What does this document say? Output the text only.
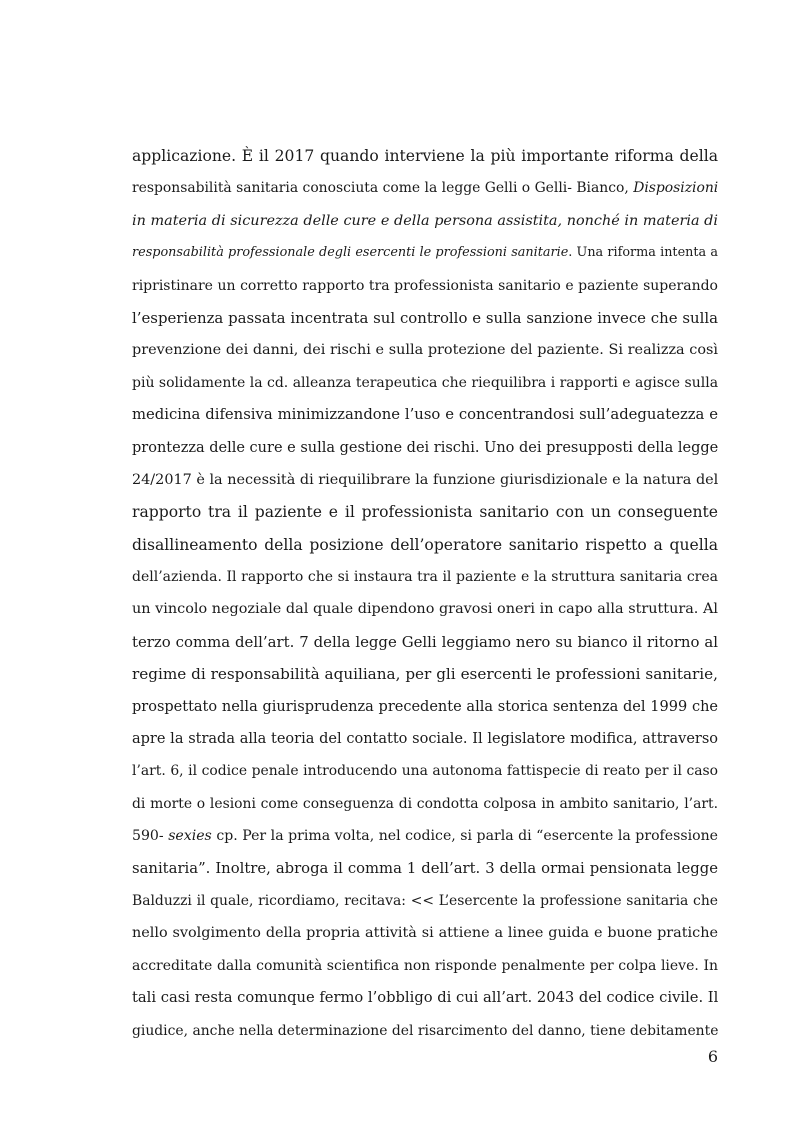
applicazione. È il 2017 quando interviene la più importante riforma della
responsabilità sanitaria conosciuta come la legge Gelli o Gelli- Bianco, Disposizioni
in materia di sicurezza delle cure e della persona assistita, nonché in materia di
responsabilità professionale degli esercenti le professioni sanitarie. Una riforma intenta a
ripristinare un corretto rapporto tra professionista sanitario e paziente superando
l’esperienza passata incentrata sul controllo e sulla sanzione invece che sulla
prevenzione dei danni, dei rischi e sulla protezione del paziente. Si realizza così
più solidamente la cd. alleanza terapeutica che riequilibra i rapporti e agisce sulla
medicina difensiva minimizzandone l’uso e concentrandosi sull’adeguatezza e
prontezza delle cure e sulla gestione dei rischi. Uno dei presupposti della legge
24/2017 è la necessità di riequilibrare la funzione giurisdizionale e la natura del
rapporto tra il paziente e il professionista sanitario con un conseguente
disallineamento della posizione dell’operatore sanitario rispetto a quella
dell’azienda. Il rapporto che si instaura tra il paziente e la struttura sanitaria crea
un vincolo negoziale dal quale dipendono gravosi oneri in capo alla struttura. Al
terzo comma dell’art. 7 della legge Gelli leggiamo nero su bianco il ritorno al
regime di responsabilità aquiliana, per gli esercenti le professioni sanitarie,
prospettato nella giurisprudenza precedente alla storica sentenza del 1999 che
apre la strada alla teoria del contatto sociale. Il legislatore modifica, attraverso
l’art. 6, il codice penale introducendo una autonoma fattispecie di reato per il caso
di morte o lesioni come conseguenza di condotta colposa in ambito sanitario, l’art.
590- sexies cp. Per la prima volta, nel codice, si parla di “esercente la professione
sanitaria”. Inoltre, abroga il comma 1 dell’art. 3 della ormai pensionata legge
Balduzzi il quale, ricordiamo, recitava: << L’esercente la professione sanitaria che
nello svolgimento della propria attività si attiene a linee guida e buone pratiche
accreditate dalla comunità scientifica non risponde penalmente per colpa lieve. In
tali casi resta comunque fermo l’obbligo di cui all’art. 2043 del codice civile. Il
giudice, anche nella determinazione del risarcimento del danno, tiene debitamente
6
